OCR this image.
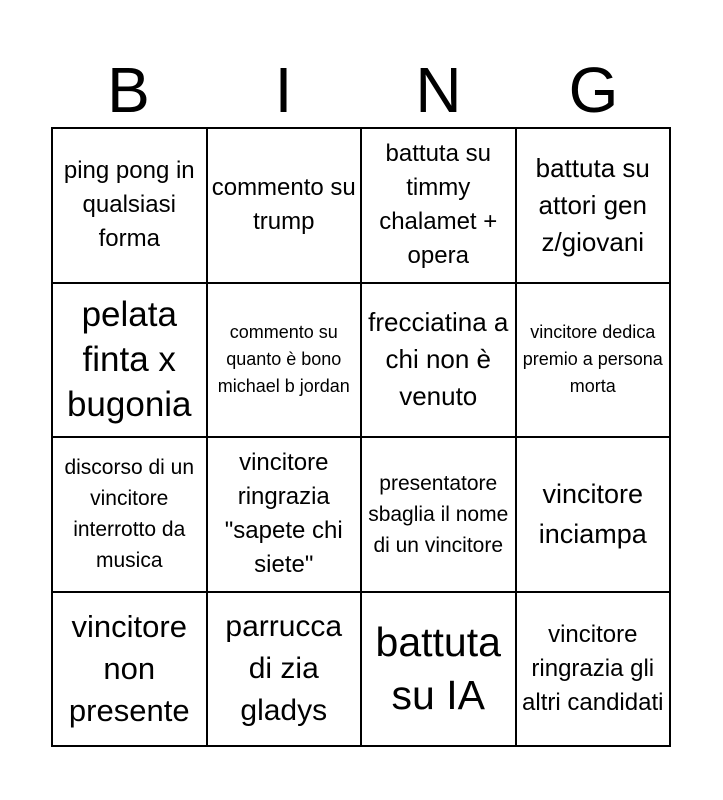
B	I	N	G
ping pong in qualsiasi forma
commento su trump
battuta su timmy chalamet + opera
battuta su attori gen z/giovani
pelata finta x bugonia
commento su quanto è bono michael b jordan
frecciatina a chi non è venuto
vincitore dedica premio a persona morta
discorso di un vincitore interrotto da musica
vincitore ringrazia "sapete chi siete"
presentatore sbaglia il nome di un vincitore
vincitore inciampa
vincitore non presente
parrucca di zia gladys
battuta su IA
vincitore ringrazia gli altri candidati
